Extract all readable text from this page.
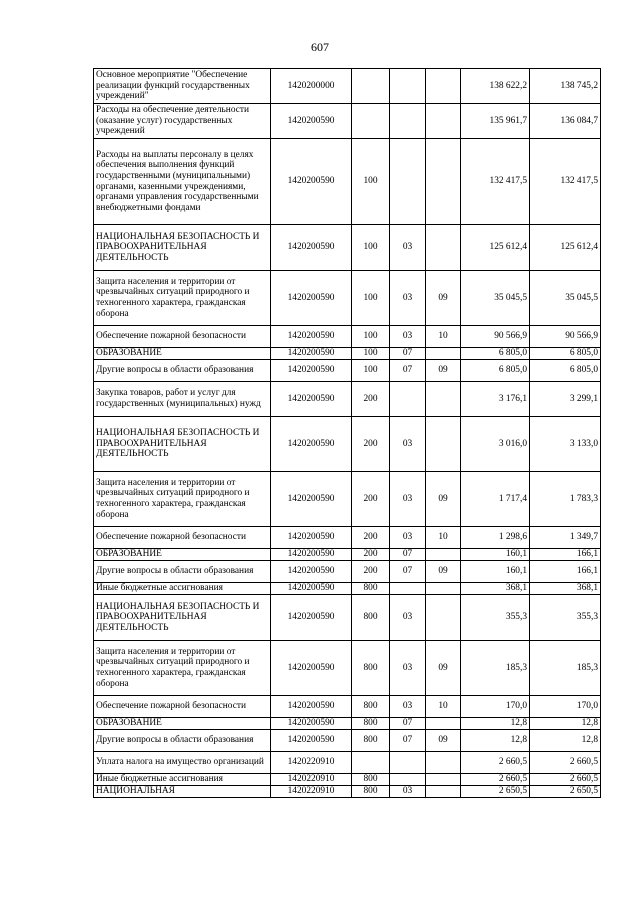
607
Основное мероприятие "Обеспечение реализации функций государственных учреждений"	1420200000				138 622,2	138 745,2
Расходы на обеспечение деятельности (оказание услуг) государственных учреждений	1420200590				135 961,7	136 084,7
Расходы на выплаты персоналу в целях обеспечения выполнения функций государственными (муниципальными) органами, казенными учреждениями, органами управления государственными внебюджетными фондами	1420200590	100			132 417,5	132 417,5
НАЦИОНАЛЬНАЯ БЕЗОПАСНОСТЬ И ПРАВООХРАНИТЕЛЬНАЯ ДЕЯТЕЛЬНОСТЬ	1420200590	100	03		125 612,4	125 612,4
Защита населения и территории от чрезвычайных ситуаций природного и техногенного характера, гражданская оборона	1420200590	100	03	09	35 045,5	35 045,5
Обеспечение пожарной безопасности	1420200590	100	03	10	90 566,9	90 566,9
ОБРАЗОВАНИЕ	1420200590	100	07		6 805,0	6 805,0
Другие вопросы в области образования	1420200590	100	07	09	6 805,0	6 805,0
Закупка товаров, работ и услуг для государственных (муниципальных) нужд	1420200590	200			3 176,1	3 299,1
НАЦИОНАЛЬНАЯ БЕЗОПАСНОСТЬ И ПРАВООХРАНИТЕЛЬНАЯ ДЕЯТЕЛЬНОСТЬ	1420200590	200	03		3 016,0	3 133,0
Защита населения и территории от чрезвычайных ситуаций природного и техногенного характера, гражданская оборона	1420200590	200	03	09	1 717,4	1 783,3
Обеспечение пожарной безопасности	1420200590	200	03	10	1 298,6	1 349,7
ОБРАЗОВАНИЕ	1420200590	200	07		160,1	166,1
Другие вопросы в области образования	1420200590	200	07	09	160,1	166,1
Иные бюджетные ассигнования	1420200590	800			368,1	368,1
НАЦИОНАЛЬНАЯ БЕЗОПАСНОСТЬ И ПРАВООХРАНИТЕЛЬНАЯ ДЕЯТЕЛЬНОСТЬ	1420200590	800	03		355,3	355,3
Защита населения и территории от чрезвычайных ситуаций природного и техногенного характера, гражданская оборона	1420200590	800	03	09	185,3	185,3
Обеспечение пожарной безопасности	1420200590	800	03	10	170,0	170,0
ОБРАЗОВАНИЕ	1420200590	800	07		12,8	12,8
Другие вопросы в области образования	1420200590	800	07	09	12,8	12,8
Уплата налога на имущество организаций	1420220910				2 660,5	2 660,5
Иные бюджетные ассигнования	1420220910	800			2 660,5	2 660,5
НАЦИОНАЛЬНАЯ	1420220910	800	03		2 650,5	2 650,5
